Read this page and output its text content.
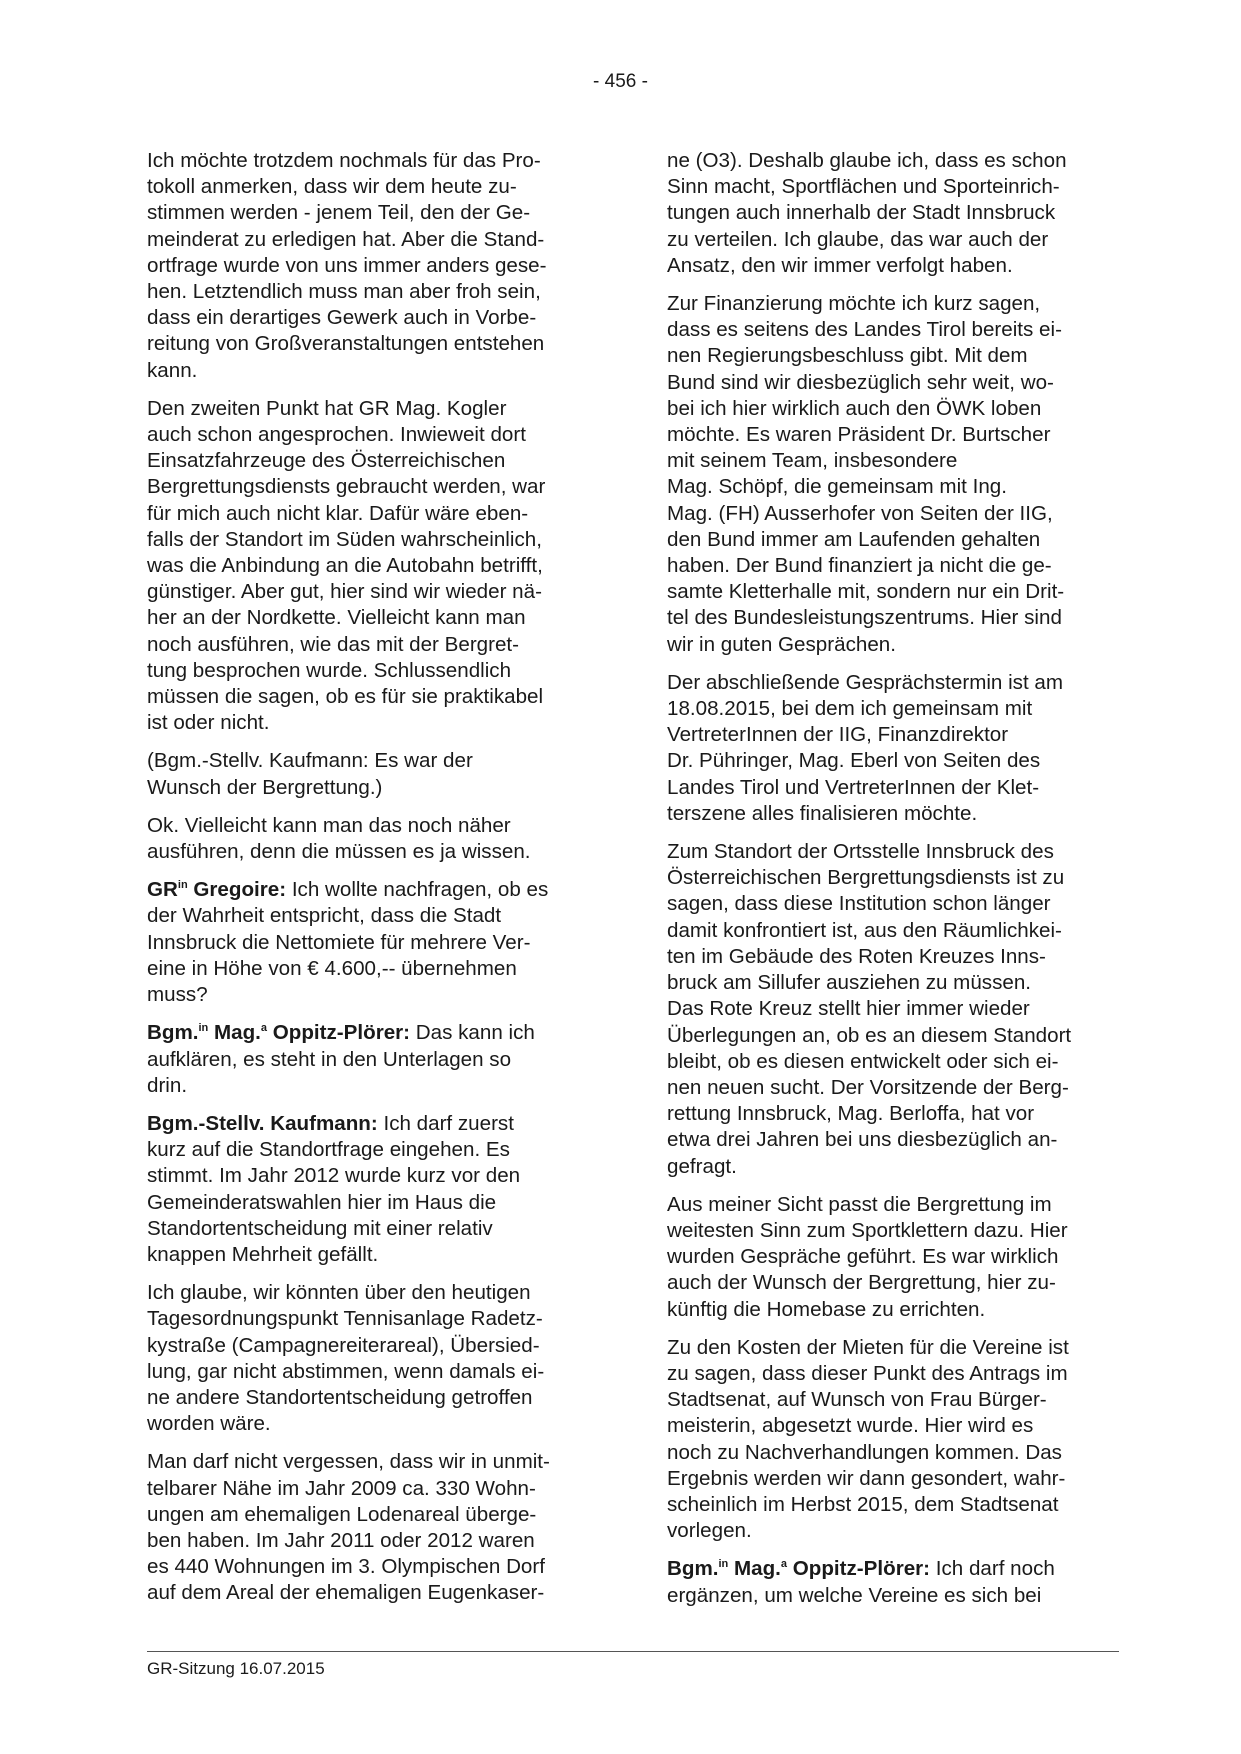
- 456 -

Ich möchte trotzdem nochmals für das Pro-
tokoll anmerken, dass wir dem heute zu-
stimmen werden - jenem Teil, den der Ge-
meinderat zu erledigen hat. Aber die Stand-
ortfrage wurde von uns immer anders gese-
hen. Letztendlich muss man aber froh sein,
dass ein derartiges Gewerk auch in Vorbe-
reitung von Großveranstaltungen entstehen
kann.

Den zweiten Punkt hat GR Mag. Kogler
auch schon angesprochen. Inwieweit dort
Einsatzfahrzeuge des Österreichischen
Bergrettungsdiensts gebraucht werden, war
für mich auch nicht klar. Dafür wäre eben-
falls der Standort im Süden wahrscheinlich,
was die Anbindung an die Autobahn betrifft,
günstiger. Aber gut, hier sind wir wieder nä-
her an der Nordkette. Vielleicht kann man
noch ausführen, wie das mit der Bergret-
tung besprochen wurde. Schlussendlich
müssen die sagen, ob es für sie praktikabel
ist oder nicht.

(Bgm.-Stellv. Kaufmann: Es war der
Wunsch der Bergrettung.)

Ok. Vielleicht kann man das noch näher
ausführen, denn die müssen es ja wissen.

$GR^{in}$ Gregoire: Ich wollte nachfragen, ob es
der Wahrheit entspricht, dass die Stadt
Innsbruck die Nettomiete für mehrere Ver-
eine in Höhe von € 4.600,-- übernehmen
muss?

Bgm.$^{in}$ Mag.$^a$ Oppitz-Plörer: Das kann ich
aufklären, es steht in den Unterlagen so
drin.

Bgm.-Stellv. Kaufmann: Ich darf zuerst
kurz auf die Standortfrage eingehen. Es
stimmt. Im Jahr 2012 wurde kurz vor den
Gemeinderatswahlen hier im Haus die
Standortentscheidung mit einer relativ
knappen Mehrheit gefällt.

Ich glaube, wir könnten über den heutigen
Tagesordnungspunkt Tennisanlage Radetz-
kystraße (Campagnereiterareal), Übersied-
lung, gar nicht abstimmen, wenn damals ei-
ne andere Standortentscheidung getroffen
worden wäre.

Man darf nicht vergessen, dass wir in unmit-
telbarer Nähe im Jahr 2009 ca. 330 Wohn-
ungen am ehemaligen Lodenareal überge-
ben haben. Im Jahr 2011 oder 2012 waren
es 440 Wohnungen im 3. Olympischen Dorf
auf dem Areal der ehemaligen Eugenkaser-

ne (O3). Deshalb glaube ich, dass es schon
Sinn macht, Sportflächen und Sporteinrich-
tungen auch innerhalb der Stadt Innsbruck
zu verteilen. Ich glaube, das war auch der
Ansatz, den wir immer verfolgt haben.

Zur Finanzierung möchte ich kurz sagen,
dass es seitens des Landes Tirol bereits ei-
nen Regierungsbeschluss gibt. Mit dem
Bund sind wir diesbezüglich sehr weit, wo-
bei ich hier wirklich auch den ÖWK loben
möchte. Es waren Präsident Dr. Burtscher
mit seinem Team, insbesondere
Mag. Schöpf, die gemeinsam mit Ing.
Mag. (FH) Ausserhofer von Seiten der IIG,
den Bund immer am Laufenden gehalten
haben. Der Bund finanziert ja nicht die ge-
samte Kletterhalle mit, sondern nur ein Drit-
tel des Bundesleistungszentrums. Hier sind
wir in guten Gesprächen.

Der abschließende Gesprächstermin ist am
18.08.2015, bei dem ich gemeinsam mit
VertreterInnen der IIG, Finanzdirektor
Dr. Pühringer, Mag. Eberl von Seiten des
Landes Tirol und VertreterInnen der Klet-
terszene alles finalisieren möchte.

Zum Standort der Ortsstelle Innsbruck des
Österreichischen Bergrettungsdiensts ist zu
sagen, dass diese Institution schon länger
damit konfrontiert ist, aus den Räumlichkei-
ten im Gebäude des Roten Kreuzes Inns-
bruck am Sillufer ausziehen zu müssen.
Das Rote Kreuz stellt hier immer wieder
Überlegungen an, ob es an diesem Standort
bleibt, ob es diesen entwickelt oder sich ei-
nen neuen sucht. Der Vorsitzende der Berg-
rettung Innsbruck, Mag. Berloffa, hat vor
etwa drei Jahren bei uns diesbezüglich an-
gefragt.

Aus meiner Sicht passt die Bergrettung im
weitesten Sinn zum Sportklettern dazu. Hier
wurden Gespräche geführt. Es war wirklich
auch der Wunsch der Bergrettung, hier zu-
künftig die Homebase zu errichten.

Zu den Kosten der Mieten für die Vereine ist
zu sagen, dass dieser Punkt des Antrags im
Stadtsenat, auf Wunsch von Frau Bürger-
meisterin, abgesetzt wurde. Hier wird es
noch zu Nachverhandlungen kommen. Das
Ergebnis werden wir dann gesondert, wahr-
scheinlich im Herbst 2015, dem Stadtsenat
vorlegen.

Bgm.$^{in}$ Mag.$^a$ Oppitz-Plörer: Ich darf noch
ergänzen, um welche Vereine es sich bei

GR-Sitzung 16.07.2015
